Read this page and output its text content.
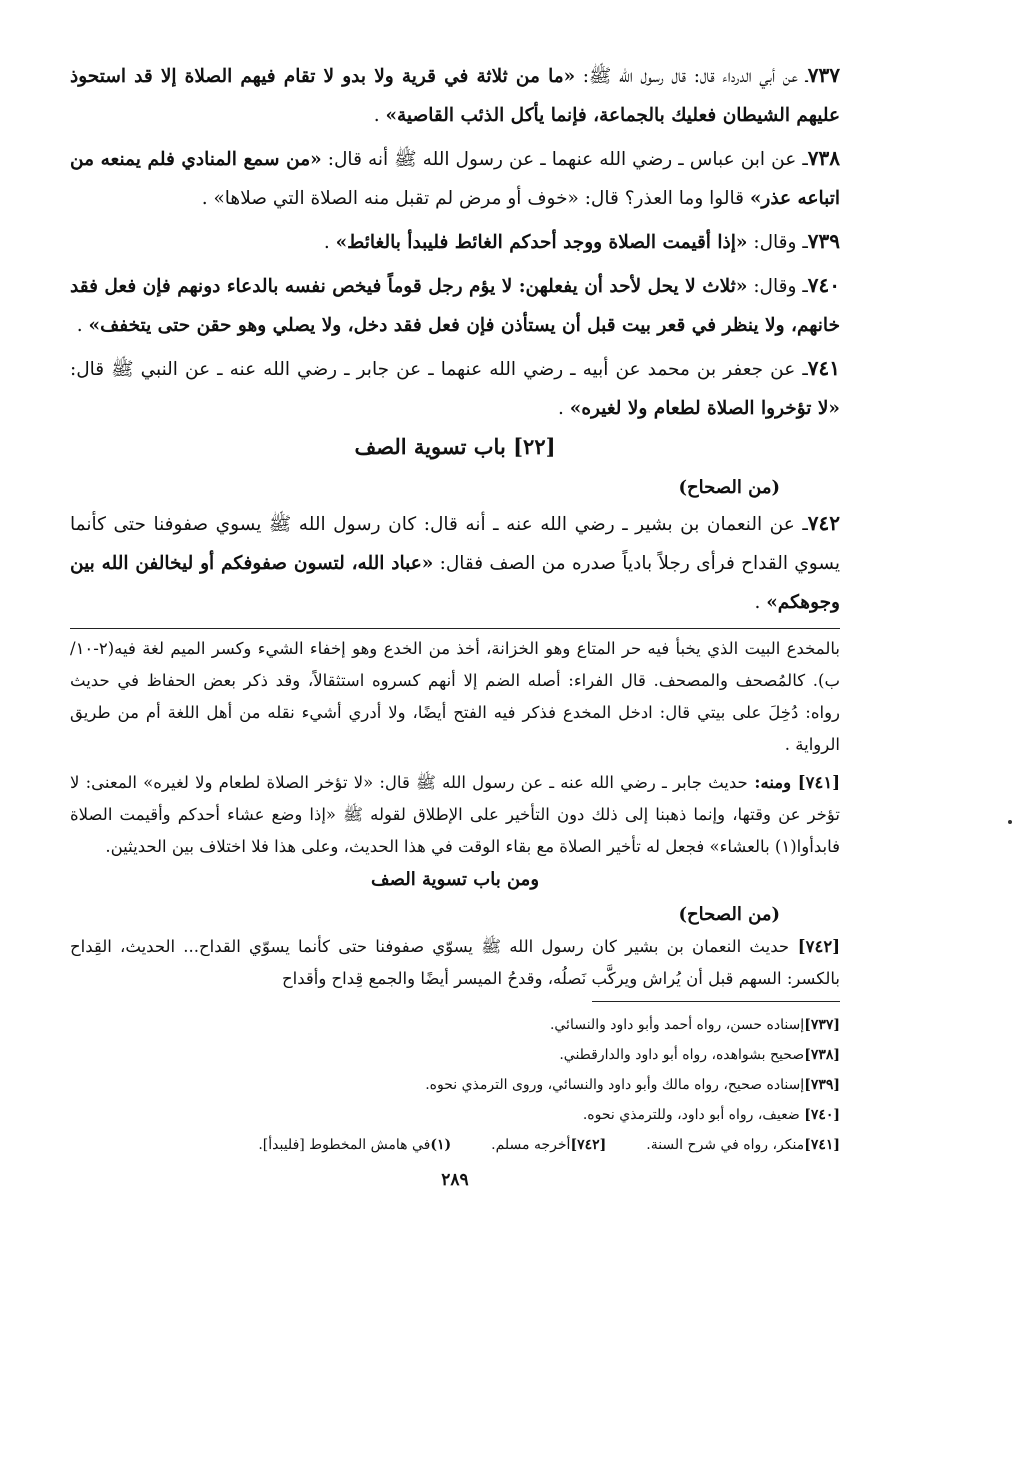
٧٣٧ـ عن أبي الدرداء قال: قال رسول الله ﷺ: «ما من ثلاثة في قرية ولا بدو لا تقام فيهم الصلاة إلا قد استحوذ عليهم الشيطان فعليك بالجماعة، فإنما يأكل الذئب القاصية» .

٧٣٨ـ عن ابن عباس ـ رضي الله عنهما ـ عن رسول الله ﷺ أنه قال: «من سمع المنادي فلم يمنعه من اتباعه عذر» قالوا وما العذر؟ قال: «خوف أو مرض لم تقبل منه الصلاة التي صلاها» .

٧٣٩ـ وقال: «إذا أقيمت الصلاة ووجد أحدكم الغائط فليبدأ بالغائط» .

٧٤٠ـ وقال: «ثلاث لا يحل لأحد أن يفعلهن: لا يؤم رجل قوماً فيخص نفسه بالدعاء دونهم فإن فعل فقد خانهم، ولا ينظر في قعر بيت قبل أن يستأذن فإن فعل فقد دخل، ولا يصلي وهو حقن حتى يتخفف» .

٧٤١ـ عن جعفر بن محمد عن أبيه ـ رضي الله عنهما ـ عن جابر ـ رضي الله عنه ـ عن النبي ﷺ قال: «لا تؤخروا الصلاة لطعام ولا لغيره» .

[٢٢] باب تسوية الصف
(من الصحاح)

٧٤٢ـ عن النعمان بن بشير ـ رضي الله عنه ـ أنه قال: كان رسول الله ﷺ يسوي صفوفنا حتى كأنما يسوي القداح فرأى رجلاً بادياً صدره من الصف فقال: «عباد الله، لتسون صفوفكم أو ليخالفن الله بين وجوهكم» .

بالمخدع البيت الذي يخبأ فيه حر المتاع وهو الخزانة، أخذ من الخدع وهو إخفاء الشيء وكسر الميم لغة فيه(٢-١٠/ب). كالمُصحف والمصحف. قال الفراء: أصله الضم إلا أنهم كسروه استثقالاً، وقد ذكر بعض الحفاظ في حديث رواه: دُخِلَ على بيتي قال: ادخل المخدع فذكر فيه الفتح أيضًا، ولا أدري أشيء نقله من أهل اللغة أم من طريق الرواية .

[٧٤١] ومنه: حديث جابر ـ رضي الله عنه ـ عن رسول الله ﷺ قال: «لا تؤخر الصلاة لطعام ولا لغيره» المعنى: لا تؤخر عن وقتها، وإنما ذهبنا إلى ذلك دون التأخير على الإطلاق لقوله ﷺ «إذا وضع عشاء أحدكم وأقيمت الصلاة فابدأوا(١) بالعشاء» فجعل له تأخير الصلاة مع بقاء الوقت في هذا الحديث، وعلى هذا فلا اختلاف بين الحديثين.

ومن باب تسوية الصف
(من الصحاح)

[٧٤٢] حديث النعمان بن بشير كان رسول الله ﷺ يسوّي صفوفنا حتى كأنما يسوّي القداح... الحديث، القِداح بالكسر: السهم قبل أن يُراش ويركَّب نَصلُه، وقدحُ الميسر أيضًا والجمع قِداح وأقداح

[٧٣٧]إسناده حسن، رواه أحمد وأبو داود والنسائي.
[٧٣٨]صحيح بشواهده، رواه أبو داود والدارقطني.
[٧٣٩]إسناده صحيح، رواه مالك وأبو داود والنسائي، وروى الترمذي نحوه.
[٧٤٠] ضعيف، رواه أبو داود، وللترمذي نحوه.
[٧٤١]منكر، رواه في شرح السنة.
[٧٤٢]أخرجه مسلم.
(١)في هامش المخطوط [فليبدأ].
٢٨٩
